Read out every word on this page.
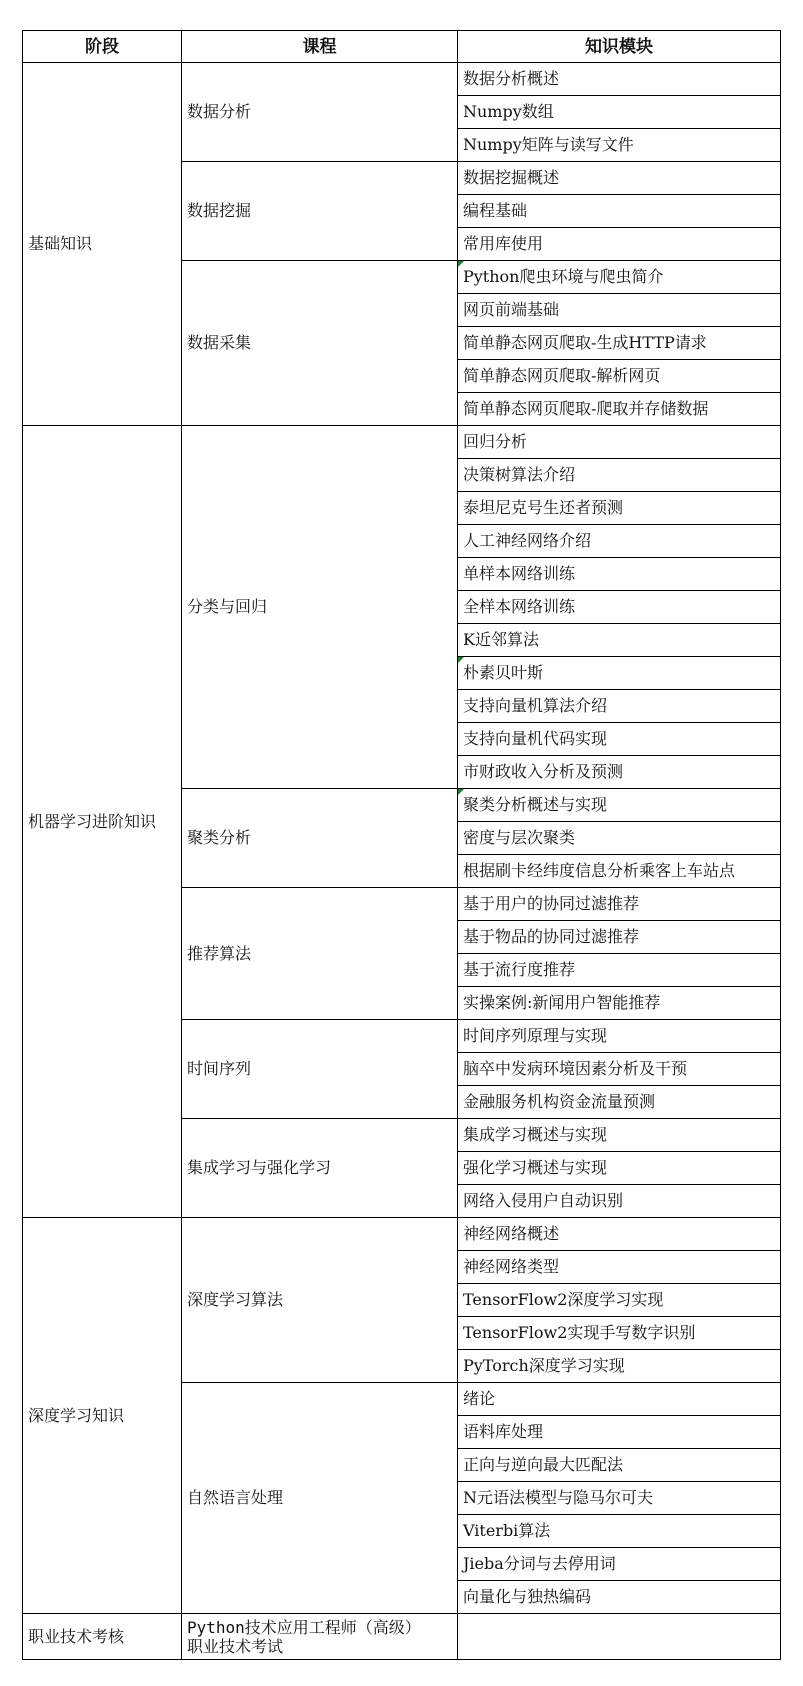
阶段	课程	知识模块
基础知识	数据分析	数据分析概述
		Numpy数组
		Numpy矩阵与读写文件
	数据挖掘	数据挖掘概述
		编程基础
		常用库使用
	数据采集	Python爬虫环境与爬虫简介
		网页前端基础
		简单静态网页爬取-生成HTTP请求
		简单静态网页爬取-解析网页
		简单静态网页爬取-爬取并存储数据
机器学习进阶知识	分类与回归	回归分析
		决策树算法介绍
		泰坦尼克号生还者预测
		人工神经网络介绍
		单样本网络训练
		全样本网络训练
		K近邻算法
		朴素贝叶斯
		支持向量机算法介绍
		支持向量机代码实现
		市财政收入分析及预测
	聚类分析	聚类分析概述与实现
		密度与层次聚类
		根据刷卡经纬度信息分析乘客上车站点
	推荐算法	基于用户的协同过滤推荐
		基于物品的协同过滤推荐
		基于流行度推荐
		实操案例:新闻用户智能推荐
	时间序列	时间序列原理与实现
		脑卒中发病环境因素分析及干预
		金融服务机构资金流量预测
	集成学习与强化学习	集成学习概述与实现
		强化学习概述与实现
		网络入侵用户自动识别
深度学习知识	深度学习算法	神经网络概述
		神经网络类型
		TensorFlow2深度学习实现
		TensorFlow2实现手写数字识别
		PyTorch深度学习实现
	自然语言处理	绪论
		语料库处理
		正向与逆向最大匹配法
		N元语法模型与隐马尔可夫
		Viterbi算法
		Jieba分词与去停用词
		向量化与独热编码
职业技术考核	Python技术应用工程师（高级）
职业技术考试	
